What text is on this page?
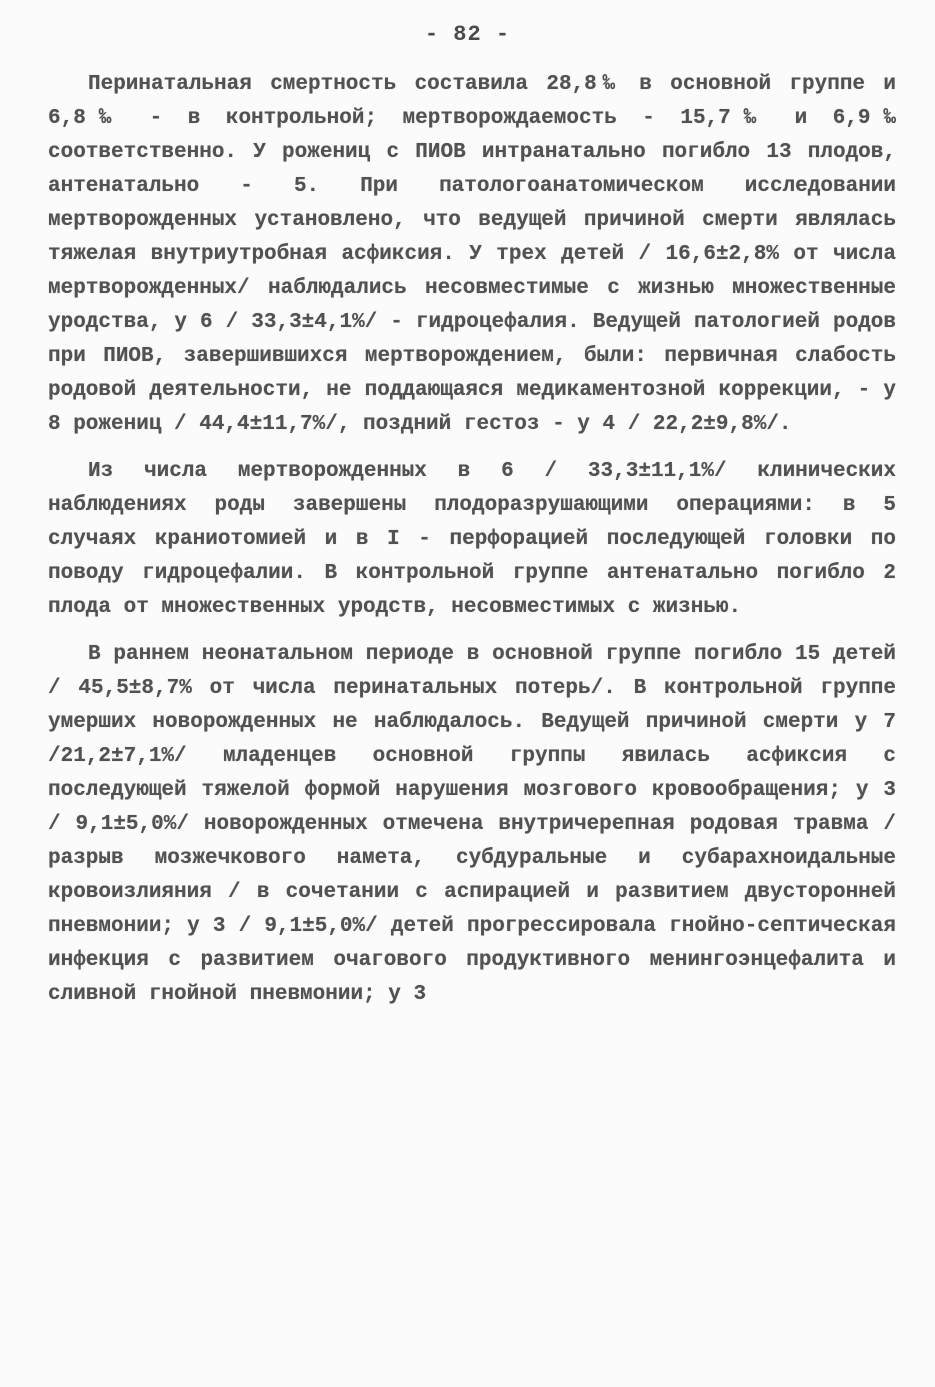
- 82 -

Перинатальная смертность составила 28,8‰ в основной группе и 6,8‰ - в контрольной; мертворождаемость - 15,7‰ и 6,9‰ соответственно. У рожениц с ПИОВ интранатально погибло 13 плодов, антенатально - 5. При патологоанатомическом исследовании мертворожденных установлено, что ведущей причиной смерти являлась тяжелая внутриутробная асфиксия. У трех детей / 16,6±2,8% от числа мертворожденных/ наблюдались несовместимые с жизнью множественные уродства, у 6 / 33,3±4,1%/ - гидроцефалия. Ведущей патологией родов при ПИОВ, завершившихся мертворождением, были: первичная слабость родовой деятельности, не поддающаяся медикаментозной коррекции, - у 8 рожениц / 44,4±11,7%/, поздний гестоз - у 4 / 22,2±9,8%/.

Из числа мертворожденных в 6 / 33,3±11,1%/ клинических наблюдениях роды завершены плодоразрушающими операциями: в 5 случаях краниотомией и в I - перфорацией последующей головки по поводу гидроцефалии. В контрольной группе антенатально погибло 2 плода от множественных уродств, несовместимых с жизнью.

В раннем неонатальном периоде в основной группе погибло 15 детей / 45,5±8,7% от числа перинатальных потерь/. В контрольной группе умерших новорожденных не наблюдалось. Ведущей причиной смерти у 7 /21,2±7,1%/ младенцев основной группы явилась асфиксия с последующей тяжелой формой нарушения мозгового кровообращения; у 3 / 9,1±5,0%/ новорожденных отмечена внутричерепная родовая травма / разрыв мозжечкового намета, субдуральные и субарахноидальные кровоизлияния / в сочетании с аспирацией и развитием двусторонней пневмонии; у 3 / 9,1±5,0%/ детей прогрессировала гнойно-септическая инфекция с развитием очагового продуктивного менингоэнцефалита и сливной гнойной пневмонии; у 3
